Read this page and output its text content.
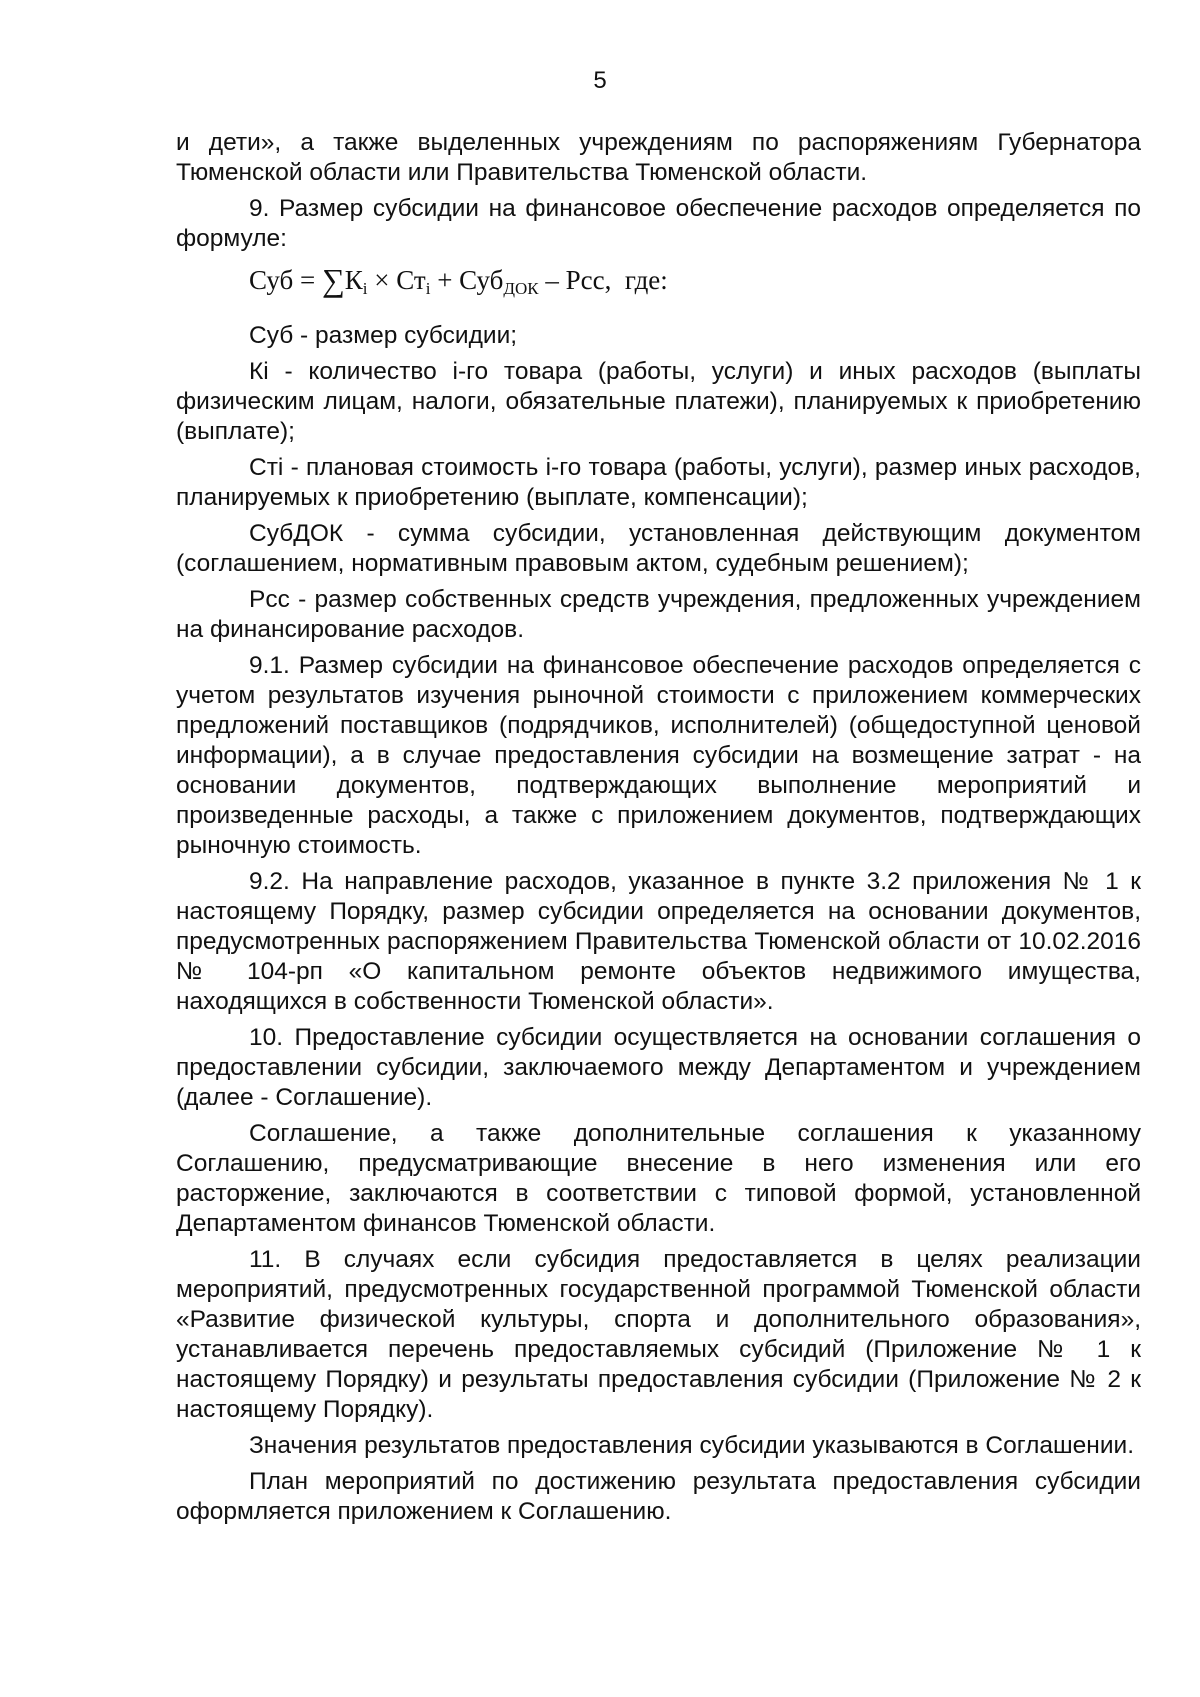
5

и дети», а также выделенных учреждениям по распоряжениям Губернатора Тюменской области или Правительства Тюменской области.

9. Размер субсидии на финансовое обеспечение расходов определяется по формуле:

Суб = $\sum К_i \times Ст_i + Суб_{ДОК}$ – Рсс, где:

Суб - размер субсидии;

Кi - количество i-го товара (работы, услуги) и иных расходов (выплаты физическим лицам, налоги, обязательные платежи), планируемых к приобретению (выплате);

Стi - плановая стоимость i-го товара (работы, услуги), размер иных расходов, планируемых к приобретению (выплате, компенсации);

СубДОК - сумма субсидии, установленная действующим документом (соглашением, нормативным правовым актом, судебным решением);

Рсс - размер собственных средств учреждения, предложенных учреждением на финансирование расходов.

9.1. Размер субсидии на финансовое обеспечение расходов определяется с учетом результатов изучения рыночной стоимости с приложением коммерческих предложений поставщиков (подрядчиков, исполнителей) (общедоступной ценовой информации), а в случае предоставления субсидии на возмещение затрат - на основании документов, подтверждающих выполнение мероприятий и произведенные расходы, а также с приложением документов, подтверждающих рыночную стоимость.

9.2. На направление расходов, указанное в пункте 3.2 приложения № 1 к настоящему Порядку, размер субсидии определяется на основании документов, предусмотренных распоряжением Правительства Тюменской области от 10.02.2016 № 104-рп «О капитальном ремонте объектов недвижимого имущества, находящихся в собственности Тюменской области».

10. Предоставление субсидии осуществляется на основании соглашения о предоставлении субсидии, заключаемого между Департаментом и учреждением (далее - Соглашение).

Соглашение, а также дополнительные соглашения к указанному Соглашению, предусматривающие внесение в него изменения или его расторжение, заключаются в соответствии с типовой формой, установленной Департаментом финансов Тюменской области.

11. В случаях если субсидия предоставляется в целях реализации мероприятий, предусмотренных государственной программой Тюменской области «Развитие физической культуры, спорта и дополнительного образования», устанавливается перечень предоставляемых субсидий (Приложение № 1 к настоящему Порядку) и результаты предоставления субсидии (Приложение № 2 к настоящему Порядку).

Значения результатов предоставления субсидии указываются в Соглашении.

План мероприятий по достижению результата предоставления субсидии оформляется приложением к Соглашению.
